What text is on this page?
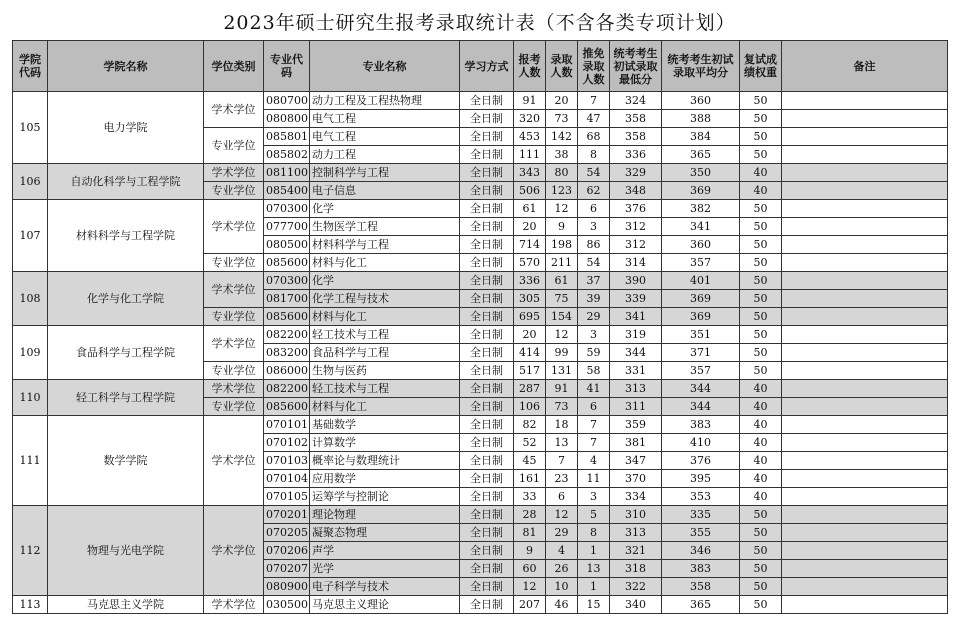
2023年硕士研究生报考录取统计表（不含各类专项计划）
学院代码	学院名称	学位类别	专业代码	专业名称	学习方式	报考人数	录取人数	推免录取人数	统考考生初试录取最低分	统考考生初试录取平均分	复试成绩权重	备注
105	电力学院	学术学位	080700	动力工程及工程热物理	全日制	91	20	7	324	360	50	
			080800	电气工程	全日制	320	73	47	358	388	50	
		专业学位	085801	电气工程	全日制	453	142	68	358	384	50	
			085802	动力工程	全日制	111	38	8	336	365	50	
106	自动化科学与工程学院	学术学位	081100	控制科学与工程	全日制	343	80	54	329	350	40	
		专业学位	085400	电子信息	全日制	506	123	62	348	369	40	
107	材料科学与工程学院	学术学位	070300	化学	全日制	61	12	6	376	382	50	
			077700	生物医学工程	全日制	20	9	3	312	341	50	
			080500	材料科学与工程	全日制	714	198	86	312	360	50	
		专业学位	085600	材料与化工	全日制	570	211	54	314	357	50	
108	化学与化工学院	学术学位	070300	化学	全日制	336	61	37	390	401	50	
			081700	化学工程与技术	全日制	305	75	39	339	369	50	
		专业学位	085600	材料与化工	全日制	695	154	29	341	369	50	
109	食品科学与工程学院	学术学位	082200	轻工技术与工程	全日制	20	12	3	319	351	50	
			083200	食品科学与工程	全日制	414	99	59	344	371	50	
		专业学位	086000	生物与医药	全日制	517	131	58	331	357	50	
110	轻工科学与工程学院	学术学位	082200	轻工技术与工程	全日制	287	91	41	313	344	40	
		专业学位	085600	材料与化工	全日制	106	73	6	311	344	40	
111	数学学院	学术学位	070101	基础数学	全日制	82	18	7	359	383	40	
			070102	计算数学	全日制	52	13	7	381	410	40	
			070103	概率论与数理统计	全日制	45	7	4	347	376	40	
			070104	应用数学	全日制	161	23	11	370	395	40	
			070105	运筹学与控制论	全日制	33	6	3	334	353	40	
112	物理与光电学院	学术学位	070201	理论物理	全日制	28	12	5	310	335	50	
			070205	凝聚态物理	全日制	81	29	8	313	355	50	
			070206	声学	全日制	9	4	1	321	346	50	
			070207	光学	全日制	60	26	13	318	383	50	
			080900	电子科学与技术	全日制	12	10	1	322	358	50	
113	马克思主义学院	学术学位	030500	马克思主义理论	全日制	207	46	15	340	365	50	
